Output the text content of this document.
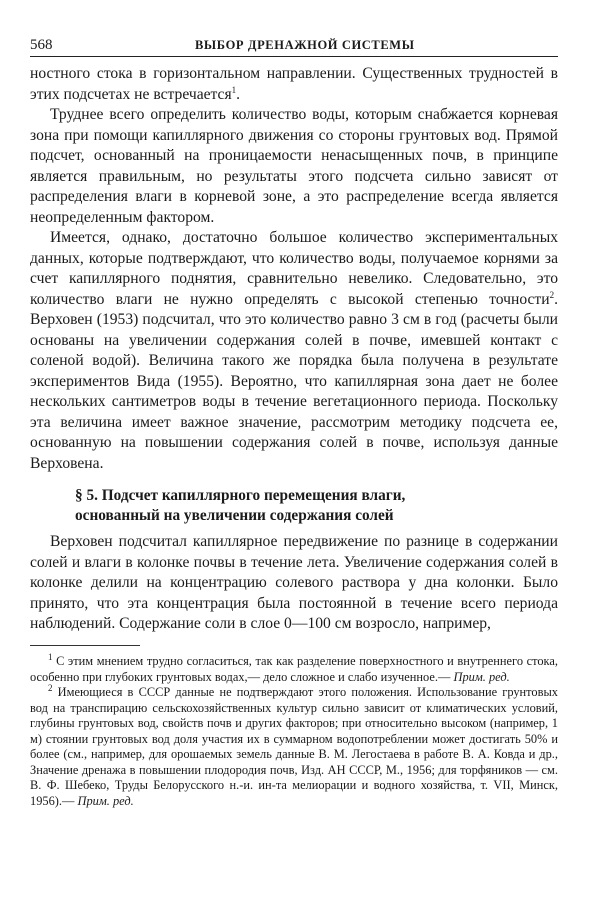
568	ВЫБОР ДРЕНАЖНОЙ СИСТЕМЫ

ностного стока в горизонтальном направлении. Существенных трудностей в этих подсчетах не встречается$^1$.

Труднее всего определить количество воды, которым снабжается корневая зона при помощи капиллярного движения со стороны грунтовых вод. Прямой подсчет, основанный на проницаемости ненасыщенных почв, в принципе является правильным, но результаты этого подсчета сильно зависят от распределения влаги в корневой зоне, а это распределение всегда является неопределенным фактором.

Имеется, однако, достаточно большое количество экспериментальных данных, которые подтверждают, что количество воды, получаемое корнями за счет капиллярного поднятия, сравнительно невелико. Следовательно, это количество влаги не нужно определять с высокой степенью точности$^2$. Верховен (1953) подсчитал, что это количество равно 3 см в год (расчеты были основаны на увеличении содержания солей в почве, имевшей контакт с соленой водой). Величина такого же порядка была получена в результате экспериментов Вида (1955). Вероятно, что капиллярная зона дает не более нескольких сантиметров воды в течение вегетационного периода. Поскольку эта величина имеет важное значение, рассмотрим методику подсчета ее, основанную на повышении содержания солей в почве, используя данные Верховена.

§ 5. Подсчет капиллярного перемещения влаги,
основанный на увеличении содержания солей

Верховен подсчитал капиллярное передвижение по разнице в содержании солей и влаги в колонке почвы в течение лета. Увеличение содержания солей в колонке делили на концентрацию солевого раствора у дна колонки. Было принято, что эта концентрация была постоянной в течение всего периода наблюдений. Содержание соли в слое 0—100 см возросло, например,

$^1$ С этим мнением трудно согласиться, так как разделение поверхностного и внутреннего стока, особенно при глубоких грунтовых водах,— дело сложное и слабо изученное.— Прим. ред.

$^2$ Имеющиеся в СССР данные не подтверждают этого положения. Использование грунтовых вод на транспирацию сельскохозяйственных культур сильно зависит от климатических условий, глубины грунтовых вод, свойств почв и других факторов; при относительно высоком (например, 1 м) стоянии грунтовых вод доля участия их в суммарном водопотреблении может достигать 50% и более (см., например, для орошаемых земель данные В. М. Легостаева в работе В. А. Ковда и др., Значение дренажа в повышении плодородия почв, Изд. АН СССР, М., 1956; для торфяников — см. В. Ф. Шебеко, Труды Белорусского н.-и. ин-та мелиорации и водного хозяйства, т. VII, Минск, 1956).— Прим. ред.
